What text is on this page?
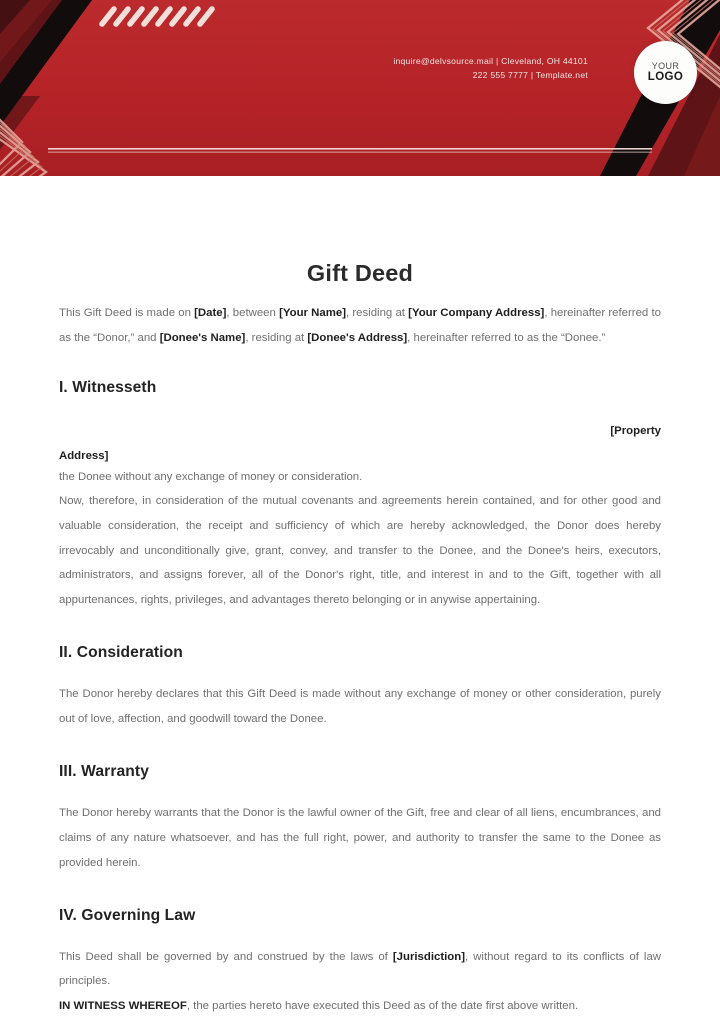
inquire@delvsource.mail | Cleveland, OH 44101
222 555 7777 | Template.net
YOUR
LOGO
Gift Deed

This Gift Deed is made on [Date], between [Your Name], residing at [Your Company Address], hereinafter referred to as the “Donor,” and [Donee's Name], residing at [Donee's Address], hereinafter referred to as the “Donee.”

I. Witnesseth

[Property

Address]

the Donee without any exchange of money or consideration.

Now, therefore, in consideration of the mutual covenants and agreements herein contained, and for other good and valuable consideration, the receipt and sufficiency of which are hereby acknowledged, the Donor does hereby irrevocably and unconditionally give, grant, convey, and transfer to the Donee, and the Donee's heirs, executors, administrators, and assigns forever, all of the Donor's right, title, and interest in and to the Gift, together with all appurtenances, rights, privileges, and advantages thereto belonging or in anywise appertaining.

II. Consideration

The Donor hereby declares that this Gift Deed is made without any exchange of money or other consideration, purely out of love, affection, and goodwill toward the Donee.

III. Warranty

The Donor hereby warrants that the Donor is the lawful owner of the Gift, free and clear of all liens, encumbrances, and claims of any nature whatsoever, and has the full right, power, and authority to transfer the same to the Donee as provided herein.

IV. Governing Law

This Deed shall be governed by and construed by the laws of [Jurisdiction], without regard to its conflicts of law principles.

IN WITNESS WHEREOF, the parties hereto have executed this Deed as of the date first above written.
